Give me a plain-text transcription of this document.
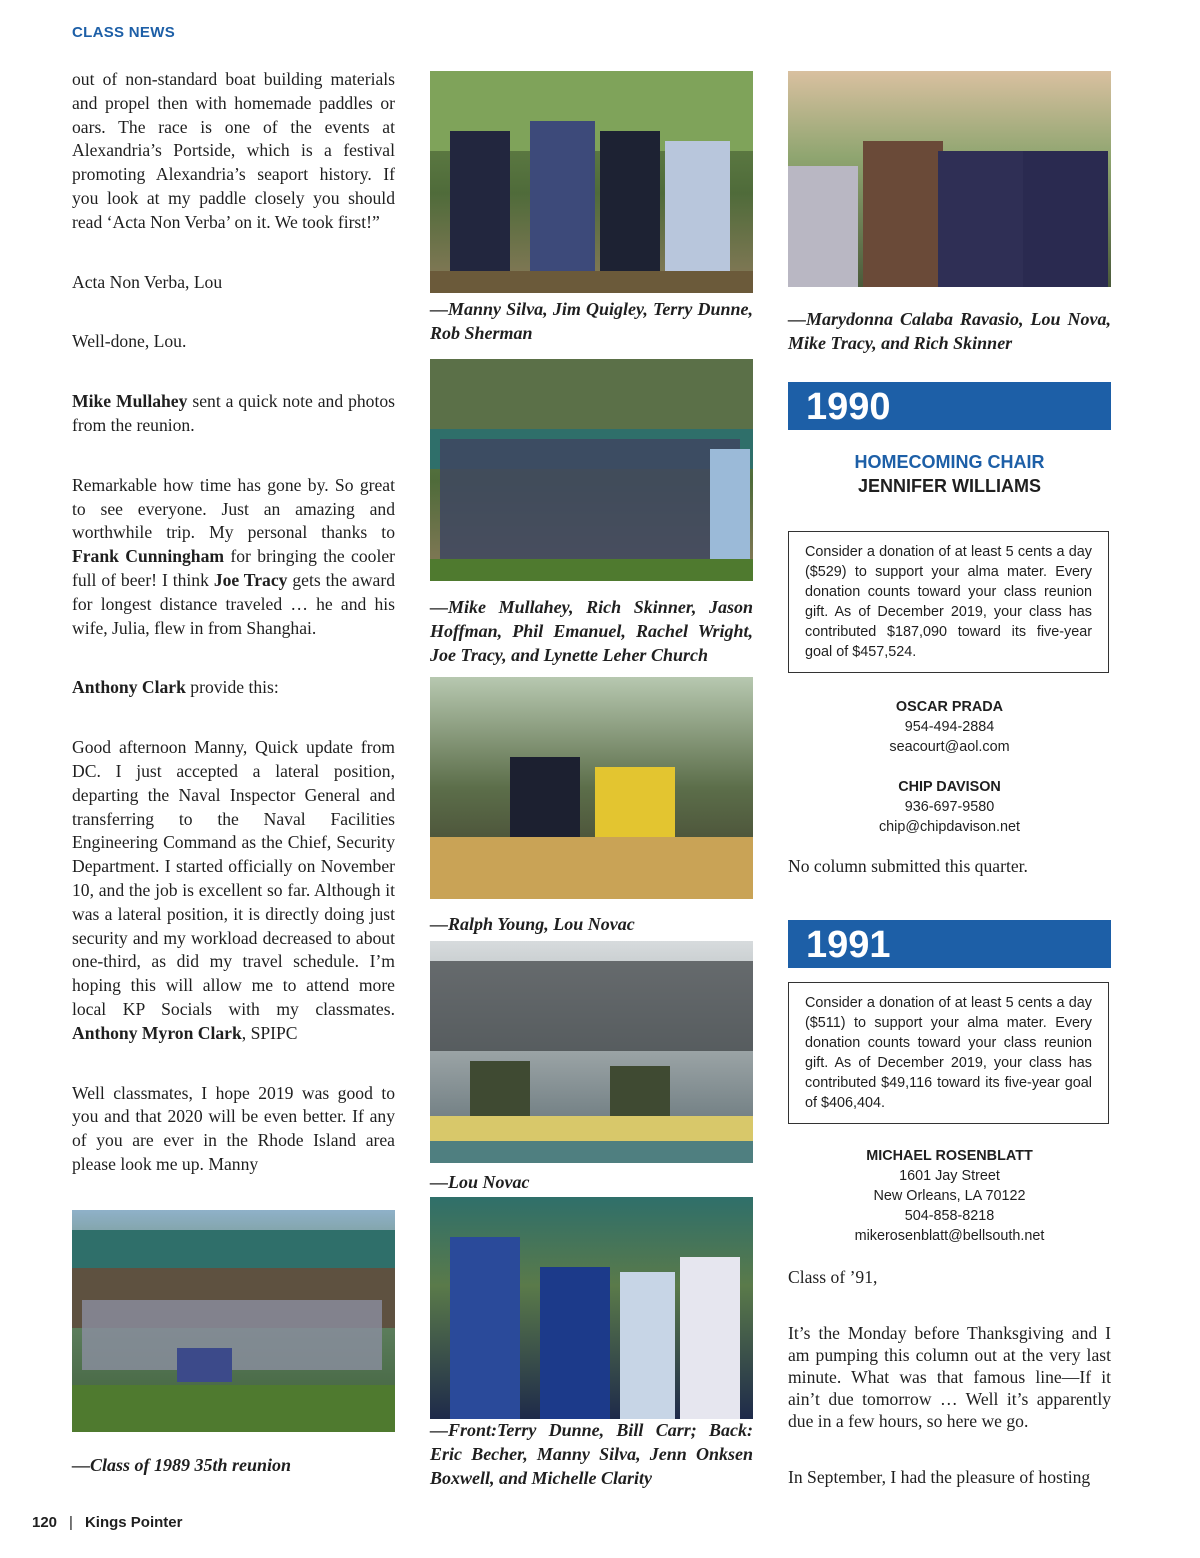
CLASS NEWS

out of non-standard boat building materials and propel then with homemade paddles or oars. The race is one of the events at Alexandria’s Portside, which is a festival promoting Alexandria’s seaport history. If you look at my paddle closely you should read ‘Acta Non Verba’ on it. We took first!”

Acta Non Verba, Lou

Well-done, Lou.

Mike Mullahey sent a quick note and photos from the reunion.

Remarkable how time has gone by. So great to see everyone. Just an amazing and worthwhile trip. My personal thanks to Frank Cunningham for bringing the cooler full of beer! I think Joe Tracy gets the award for longest distance traveled … he and his wife, Julia, flew in from Shanghai.

Anthony Clark provide this:

Good afternoon Manny, Quick update from DC. I just accepted a lateral position, departing the Naval Inspector General and transferring to the Naval Facilities Engineering Command as the Chief, Security Department. I started officially on November 10, and the job is excellent so far. Although it was a lateral position, it is directly doing just security and my workload decreased to about one-third, as did my travel schedule. I’m hoping this will allow me to attend more local KP Socials with my classmates. Anthony Myron Clark, SPIPC

Well classmates, I hope 2019 was good to you and that 2020 will be even better. If any of you are ever in the Rhode Island area please look me up. Manny

—Class of 1989 35th reunion
—Manny Silva, Jim Quigley, Terry Dunne, Rob Sherman
—Mike Mullahey, Rich Skinner, Jason Hoffman, Phil Emanuel, Rachel Wright, Joe Tracy, and Lynette Leher Church
—Ralph Young, Lou Novac
—Lou Novac
—Front:Terry Dunne, Bill Carr; Back: Eric Becher, Manny Silva, Jenn Onksen Boxwell, and Michelle Clarity
—Marydonna Calaba Ravasio, Lou Nova, Mike Tracy, and Rich Skinner
1990
HOMECOMING CHAIR
JENNIFER WILLIAMS
Consider a donation of at least 5 cents a day ($529) to support your alma mater. Every donation counts toward your class reunion gift. As of December 2019, your class has contributed $187,090 toward its five-year goal of $457,524.
OSCAR PRADA
954-494-2884
seacourt@aol.com
CHIP DAVISON
936-697-9580
chip@chipdavison.net

No column submitted this quarter.

1991
Consider a donation of at least 5 cents a day ($511) to support your alma mater. Every donation counts toward your class reunion gift. As of December 2019, your class has contributed $49,116 toward its five-year goal of $406,404.
MICHAEL ROSENBLATT
1601 Jay Street
New Orleans, LA 70122
504-858-8218
mikerosenblatt@bellsouth.net

Class of ’91,

It’s the Monday before Thanksgiving and I am pumping this column out at the very last minute. What was that famous line—If it ain’t due tomorrow … Well it’s apparently due in a few hours, so here we go.

In September, I had the pleasure of hosting

120 | Kings Pointer
